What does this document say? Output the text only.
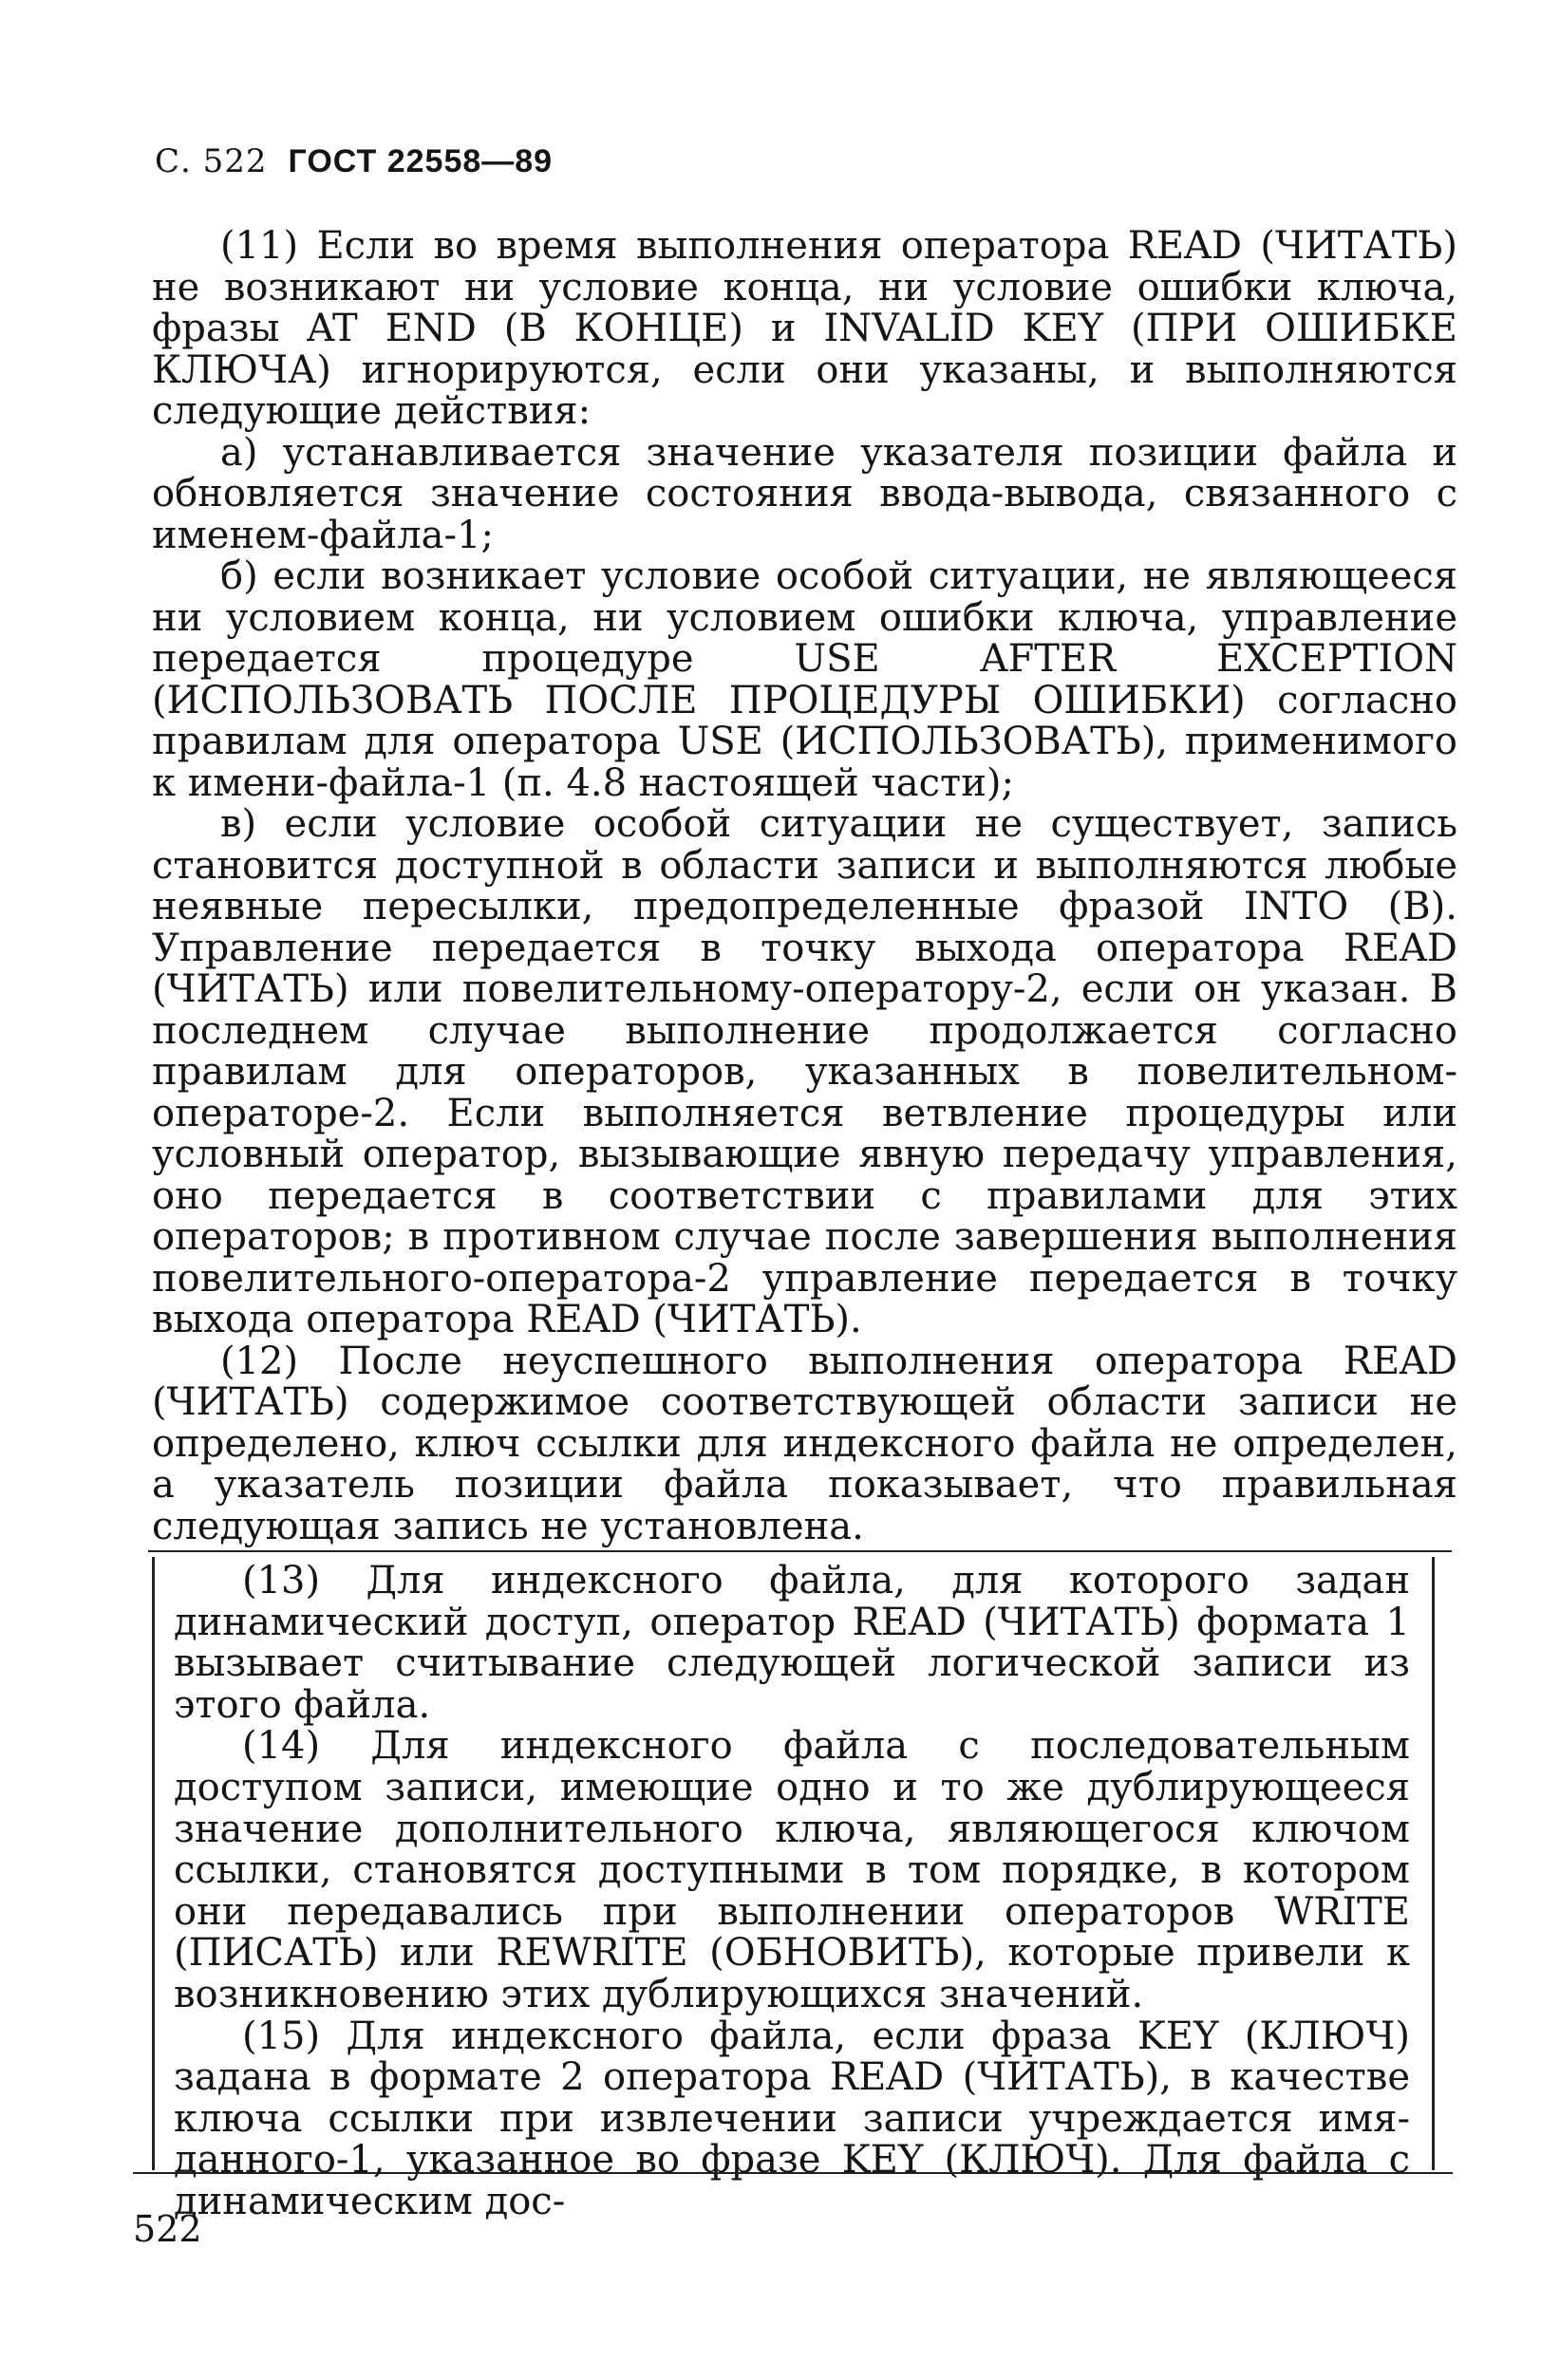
С. 522 ГОСТ 22558—89

(11) Если во время выполнения оператора READ (ЧИТАТЬ) не возникают ни условие конца, ни условие ошибки ключа, фразы AT END (В КОНЦЕ) и INVALID KEY (ПРИ ОШИБКЕ КЛЮЧА) игнорируются, если они указаны, и выполняются следующие действия:

а) устанавливается значение указателя позиции файла и обновляется значение состояния ввода-вывода, связанного с именем-файла-1;

б) если возникает условие особой ситуации, не являющееся ни условием конца, ни условием ошибки ключа, управление передается процедуре USE AFTER EXCEPTION (ИСПОЛЬЗОВАТЬ ПОСЛЕ ПРОЦЕДУРЫ ОШИБКИ) согласно правилам для оператора USE (ИСПОЛЬЗОВАТЬ), применимого к имени-файла-1 (п. 4.8 настоящей части);

в) если условие особой ситуации не существует, запись становится доступной в области записи и выполняются любые неявные пересылки, предопределенные фразой INTO (В). Управление передается в точку выхода оператора READ (ЧИТАТЬ) или повелительному-оператору-2, если он указан. В последнем случае выполнение продолжается согласно правилам для операторов, указанных в повелительном-операторе-2. Если выполняется ветвление процедуры или условный оператор, вызывающие явную передачу управления, оно передается в соответствии с правилами для этих операторов; в противном случае после завершения выполнения повелительного-оператора-2 управление передается в точку выхода оператора READ (ЧИТАТЬ).

(12) После неуспешного выполнения оператора READ (ЧИТАТЬ) содержимое соответствующей области записи не определено, ключ ссылки для индексного файла не определен, а указатель позиции файла показывает, что правильная следующая запись не установлена.

(13) Для индексного файла, для которого задан динамический доступ, оператор READ (ЧИТАТЬ) формата 1 вызывает считывание следующей логической записи из этого файла.

(14) Для индексного файла с последовательным доступом записи, имеющие одно и то же дублирующееся значение дополнительного ключа, являющегося ключом ссылки, становятся доступными в том порядке, в котором они передавались при выполнении операторов WRITE (ПИСАТЬ) или REWRITE (ОБНОВИТЬ), которые привели к возникновению этих дублирующихся значений.

(15) Для индексного файла, если фраза KEY (КЛЮЧ) задана в формате 2 оператора READ (ЧИТАТЬ), в качестве ключа ссылки при извлечении записи учреждается имя-данного-1, указанное во фразе KEY (КЛЮЧ). Для файла с динамическим дос-

522
